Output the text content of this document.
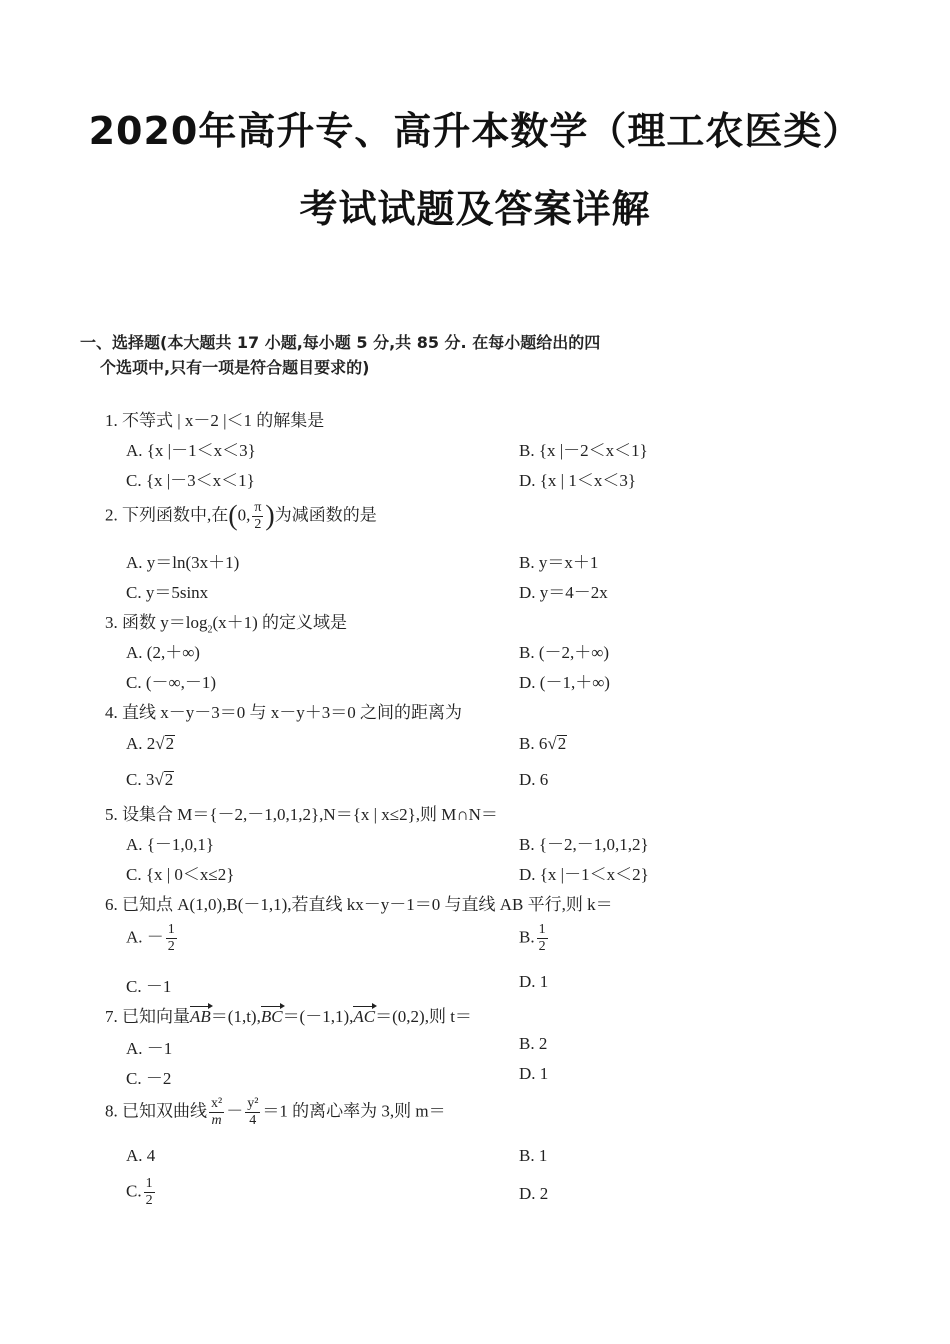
2020年高升专、高升本数学（理工农医类）
考试试题及答案详解
一、选择题(本大题共 17 小题,每小题 5 分,共 85 分. 在每小题给出的四
个选项中,只有一项是符合题目要求的)
1. 不等式 | x－2 |＜1 的解集是
A. {x |－1＜x＜3}	B. {x |－2＜x＜1}
C. {x |－3＜x＜1}	D. {x | 1＜x＜3}
2. 下列函数中,在(0, $\frac{\pi}{2}$ )为减函数的是
A. y＝ln(3x＋1)	B. y＝x＋1
C. y＝5sinx	D. y＝4－2x
3. 函数 $y=\log_2(x+1)$ 的定义域是
A. (2,＋∞)	B. (－2,＋∞)
C. (－∞,－1)	D. (－1,＋∞)
4. 直线 x－y－3＝0 与 x－y＋3＝0 之间的距离为
A. 2√2	B. 6√2
C. 3√2	D. 6
5. 设集合 M＝{－2,－1,0,1,2},N＝{x | x≤2},则 M∩N＝
A. {－1,0,1}	B. {－2,－1,0,1,2}
C. {x | 0＜x≤2}	D. {x |－1＜x＜2}
6. 已知点 A(1,0),B(－1,1),若直线 kx－y－1＝0 与直线 AB 平行,则 k＝
A. － $\frac{1}{2}$	B. $\frac{1}{2}$
C. －1	D. 1
7. 已知向量AB＝(1,t),BC＝(－1,1),AC＝(0,2),则 t＝
A. －1	B. 2
C. －2	D. 1
8. 已知双曲线 $\frac{\text{x²}}{m} - \frac{\text{y²}}{4} =1$ 的离心率为 3,则 m＝
A. 4	B. 1
C. $\frac{1}{2}$	D. 2
